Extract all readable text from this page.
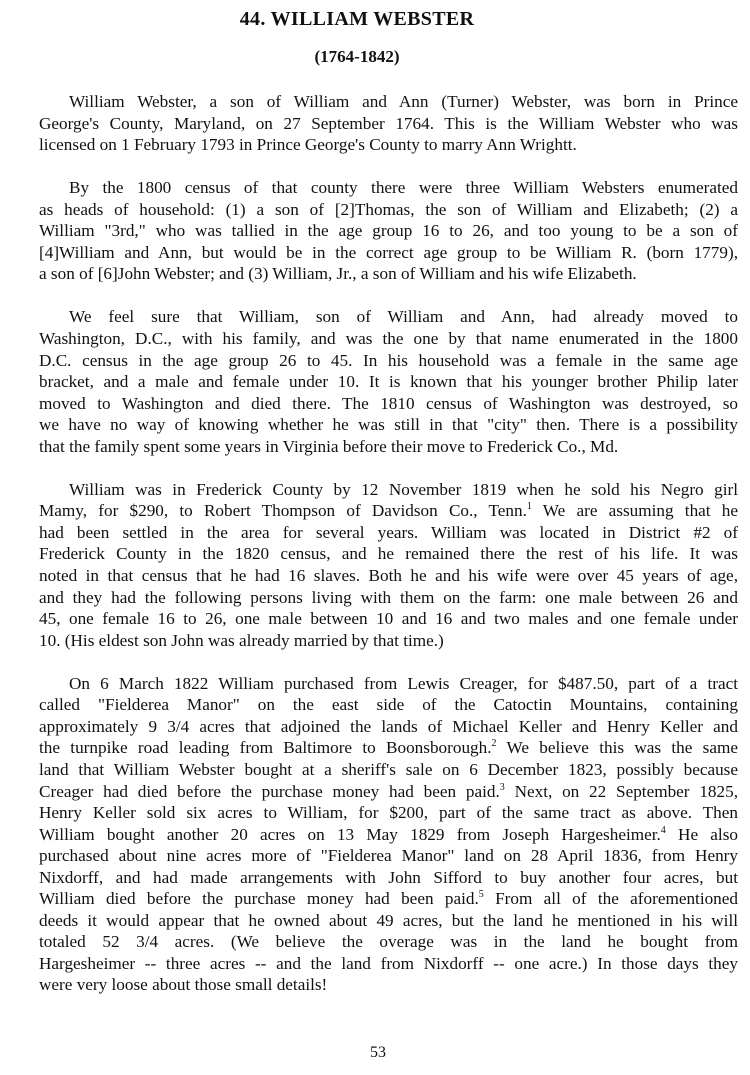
44. WILLIAM WEBSTER
(1764-1842)
William Webster, a son of William and Ann (Turner) Webster, was born in Prince
George's County, Maryland, on 27 September 1764. This is the William Webster who was
licensed on 1 February 1793 in Prince George's County to marry Ann Wrightt.
By the 1800 census of that county there were three William Websters enumerated
as heads of household: (1) a son of [2]Thomas, the son of William and Elizabeth; (2) a
William "3rd," who was tallied in the age group 16 to 26, and too young to be a son of
[4]William and Ann, but would be in the correct age group to be William R. (born 1779),
a son of [6]John Webster; and (3) William, Jr., a son of William and his wife Elizabeth.
We feel sure that William, son of William and Ann, had already moved to
Washington, D.C., with his family, and was the one by that name enumerated in the 1800
D.C. census in the age group 26 to 45. In his household was a female in the same age
bracket, and a male and female under 10. It is known that his younger brother Philip later
moved to Washington and died there. The 1810 census of Washington was destroyed, so
we have no way of knowing whether he was still in that "city" then. There is a possibility
that the family spent some years in Virginia before their move to Frederick Co., Md.
William was in Frederick County by 12 November 1819 when he sold his Negro girl
Mamy, for $290, to Robert Thompson of Davidson Co., Tenn.$^1$ We are assuming that he
had been settled in the area for several years. William was located in District #2 of
Frederick County in the 1820 census, and he remained there the rest of his life. It was
noted in that census that he had 16 slaves. Both he and his wife were over 45 years of age,
and they had the following persons living with them on the farm: one male between 26 and
45, one female 16 to 26, one male between 10 and 16 and two males and one female under
10. (His eldest son John was already married by that time.)
On 6 March 1822 William purchased from Lewis Creager, for $487.50, part of a tract
called "Fielderea Manor" on the east side of the Catoctin Mountains, containing
approximately 9 3/4 acres that adjoined the lands of Michael Keller and Henry Keller and
the turnpike road leading from Baltimore to Boonsborough.$^2$ We believe this was the same
land that William Webster bought at a sheriff's sale on 6 December 1823, possibly because
Creager had died before the purchase money had been paid.$^3$ Next, on 22 September 1825,
Henry Keller sold six acres to William, for $200, part of the same tract as above. Then
William bought another 20 acres on 13 May 1829 from Joseph Hargesheimer.$^4$ He also
purchased about nine acres more of "Fielderea Manor" land on 28 April 1836, from Henry
Nixdorff, and had made arrangements with John Sifford to buy another four acres, but
William died before the purchase money had been paid.$^5$ From all of the aforementioned
deeds it would appear that he owned about 49 acres, but the land he mentioned in his will
totaled 52 3/4 acres. (We believe the overage was in the land he bought from
Hargesheimer -- three acres -- and the land from Nixdorff -- one acre.) In those days they
were very loose about those small details!
53
